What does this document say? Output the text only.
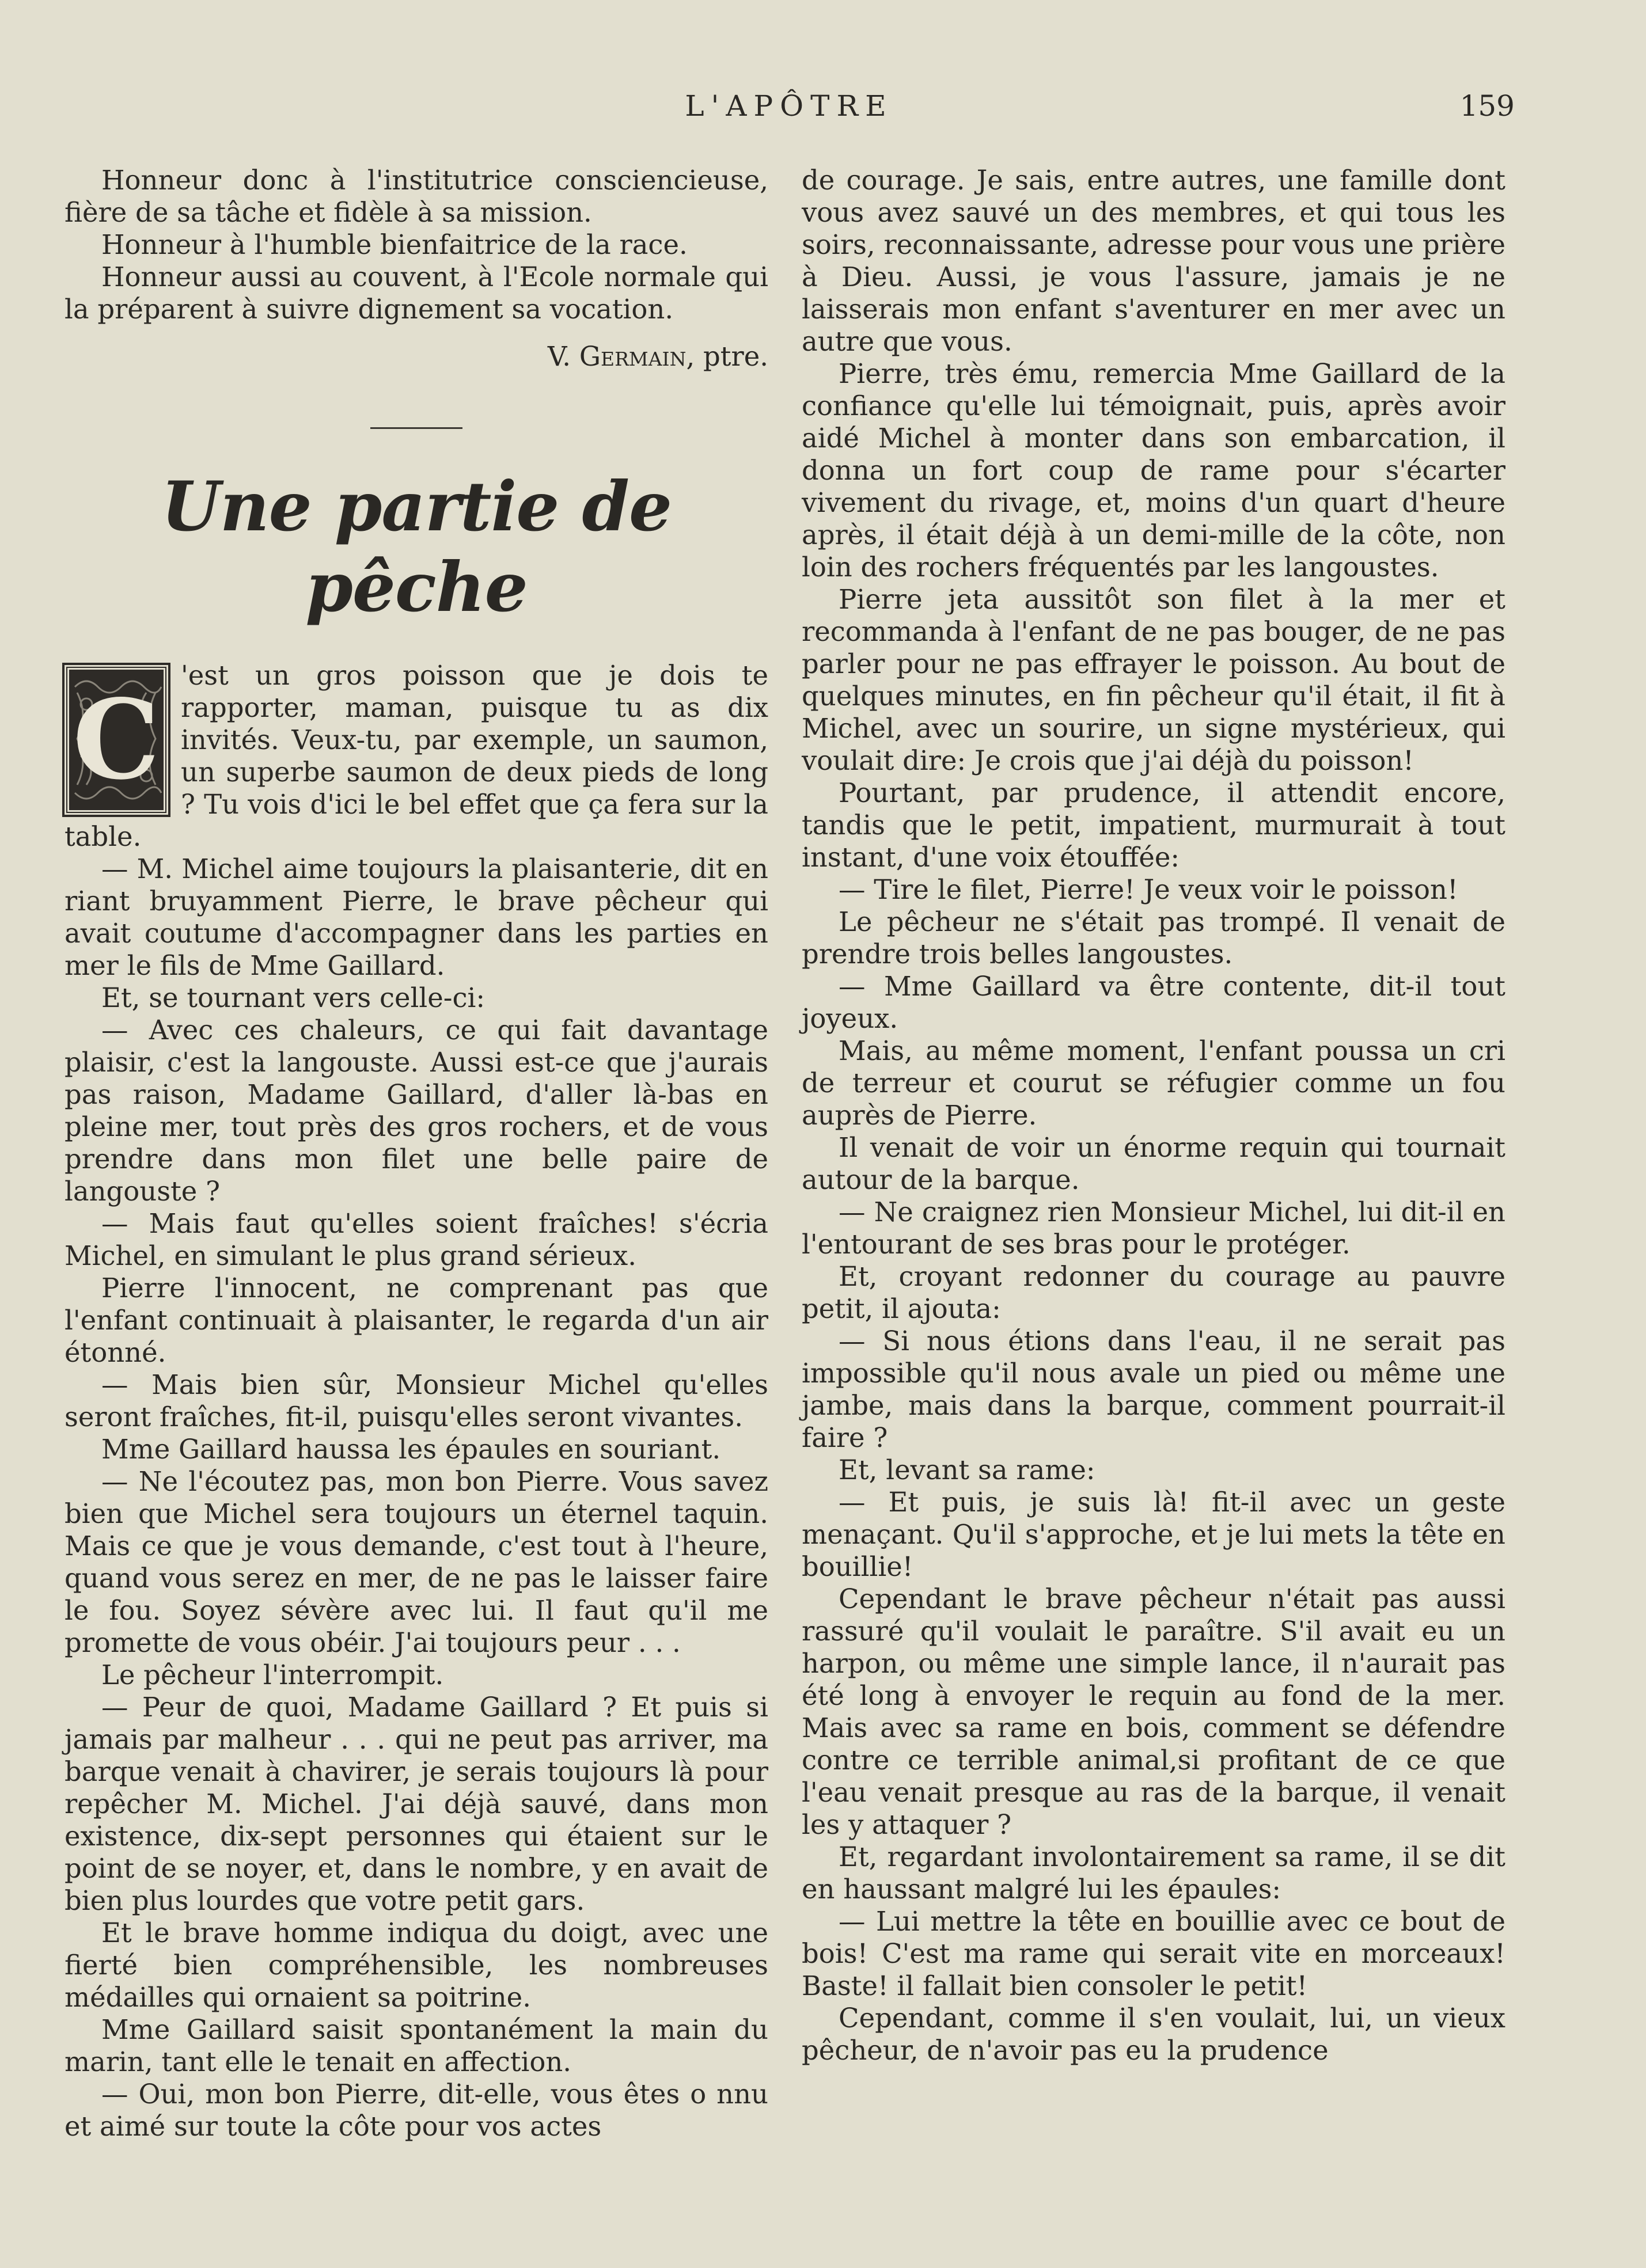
L'APÔTRE	159

Honneur donc à l'institutrice consciencieuse, fière de sa tâche et fidèle à sa mission.

Honneur à l'humble bienfaitrice de la race.

Honneur aussi au couvent, à l'Ecole normale qui la préparent à suivre dignement sa vocation.

V. Germain, ptre.

Une partie de pêche
C 'est un gros poisson que je dois te rapporter, maman, puisque tu as dix invités. Veux-tu, par exemple, un saumon, un superbe saumon de deux pieds de long ? Tu vois d'ici le bel effet que ça fera sur la table.

— M. Michel aime toujours la plaisanterie, dit en riant bruyamment Pierre, le brave pêcheur qui avait coutume d'accompagner dans les parties en mer le fils de Mme Gaillard.

Et, se tournant vers celle-ci:

— Avec ces chaleurs, ce qui fait davantage plaisir, c'est la langouste. Aussi est-ce que j'aurais pas raison, Madame Gaillard, d'aller là-bas en pleine mer, tout près des gros rochers, et de vous prendre dans mon filet une belle paire de langouste ?

— Mais faut qu'elles soient fraîches! s'écria Michel, en simulant le plus grand sérieux.

Pierre l'innocent, ne comprenant pas que l'enfant continuait à plaisanter, le regarda d'un air étonné.

— Mais bien sûr, Monsieur Michel qu'elles seront fraîches, fit-il, puisqu'elles seront vivantes.

Mme Gaillard haussa les épaules en souriant.

— Ne l'écoutez pas, mon bon Pierre. Vous savez bien que Michel sera toujours un éternel taquin. Mais ce que je vous demande, c'est tout à l'heure, quand vous serez en mer, de ne pas le laisser faire le fou. Soyez sévère avec lui. Il faut qu'il me promette de vous obéir. J'ai toujours peur . . .

Le pêcheur l'interrompit.

— Peur de quoi, Madame Gaillard ? Et puis si jamais par malheur . . . qui ne peut pas arriver, ma barque venait à chavirer, je serais toujours là pour repêcher M. Michel. J'ai déjà sauvé, dans mon existence, dix-sept personnes qui étaient sur le point de se noyer, et, dans le nombre, y en avait de bien plus lourdes que votre petit gars.

Et le brave homme indiqua du doigt, avec une fierté bien compréhensible, les nombreuses médailles qui ornaient sa poitrine.

Mme Gaillard saisit spontanément la main du marin, tant elle le tenait en affection.

— Oui, mon bon Pierre, dit-elle, vous êtes o nnu et aimé sur toute la côte pour vos actes

de courage. Je sais, entre autres, une famille dont vous avez sauvé un des membres, et qui tous les soirs, reconnaissante, adresse pour vous une prière à Dieu. Aussi, je vous l'assure, jamais je ne laisserais mon enfant s'aventurer en mer avec un autre que vous.

Pierre, très ému, remercia Mme Gaillard de la confiance qu'elle lui témoignait, puis, après avoir aidé Michel à monter dans son embarcation, il donna un fort coup de rame pour s'écarter vivement du rivage, et, moins d'un quart d'heure après, il était déjà à un demi-mille de la côte, non loin des rochers fréquentés par les langoustes.

Pierre jeta aussitôt son filet à la mer et recommanda à l'enfant de ne pas bouger, de ne pas parler pour ne pas effrayer le poisson. Au bout de quelques minutes, en fin pêcheur qu'il était, il fit à Michel, avec un sourire, un signe mystérieux, qui voulait dire: Je crois que j'ai déjà du poisson!

Pourtant, par prudence, il attendit encore, tandis que le petit, impatient, murmurait à tout instant, d'une voix étouffée:

— Tire le filet, Pierre! Je veux voir le poisson!

Le pêcheur ne s'était pas trompé. Il venait de prendre trois belles langoustes.

— Mme Gaillard va être contente, dit-il tout joyeux.

Mais, au même moment, l'enfant poussa un cri de terreur et courut se réfugier comme un fou auprès de Pierre.

Il venait de voir un énorme requin qui tournait autour de la barque.

— Ne craignez rien Monsieur Michel, lui dit-il en l'entourant de ses bras pour le protéger.

Et, croyant redonner du courage au pauvre petit, il ajouta:

— Si nous étions dans l'eau, il ne serait pas impossible qu'il nous avale un pied ou même une jambe, mais dans la barque, comment pourrait-il faire ?

Et, levant sa rame:

— Et puis, je suis là! fit-il avec un geste menaçant. Qu'il s'approche, et je lui mets la tête en bouillie!

Cependant le brave pêcheur n'était pas aussi rassuré qu'il voulait le paraître. S'il avait eu un harpon, ou même une simple lance, il n'aurait pas été long à envoyer le requin au fond de la mer. Mais avec sa rame en bois, comment se défendre contre ce terrible animal,si profitant de ce que l'eau venait presque au ras de la barque, il venait les y attaquer ?

Et, regardant involontairement sa rame, il se dit en haussant malgré lui les épaules:

— Lui mettre la tête en bouillie avec ce bout de bois! C'est ma rame qui serait vite en morceaux! Baste! il fallait bien consoler le petit!

Cependant, comme il s'en voulait, lui, un vieux pêcheur, de n'avoir pas eu la prudence
